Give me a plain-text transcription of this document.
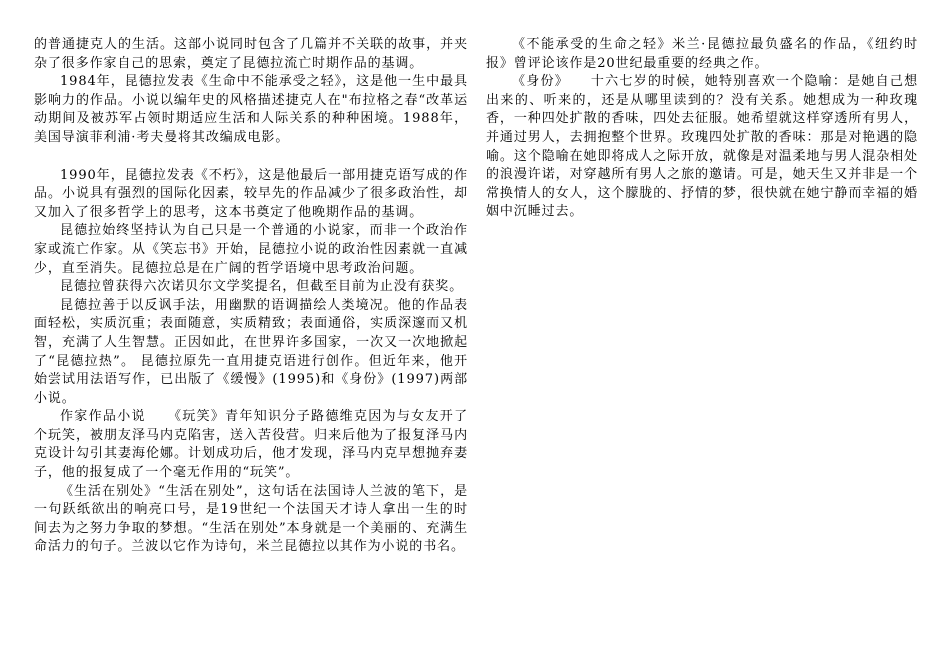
的普通捷克人的生活。这部小说同时包含了几篇并不关联的故事，并夹杂了很多作家自己的思索，奠定了昆德拉流亡时期作品的基调。

1984年，昆德拉发表《生命中不能承受之轻》，这是他一生中最具影响力的作品。小说以编年史的风格描述捷克人在"布拉格之春“改革运动期间及被苏军占领时期适应生活和人际关系的种种困境。1988年，美国导演菲利浦·考夫曼将其改编成电影。

1990年，昆德拉发表《不朽》，这是他最后一部用捷克语写成的作品。小说具有强烈的国际化因素，较早先的作品减少了很多政治性，却又加入了很多哲学上的思考，这本书奠定了他晚期作品的基调。

昆德拉始终坚持认为自己只是一个普通的小说家，而非一个政治作家或流亡作家。从《笑忘书》开始，昆德拉小说的政治性因素就一直减少，直至消失。昆德拉总是在广阔的哲学语境中思考政治问题。

昆德拉曾获得六次诺贝尔文学奖提名，但截至目前为止没有获奖。

昆德拉善于以反讽手法，用幽默的语调描绘人类境况。他的作品表面轻松，实质沉重；表面随意，实质精致；表面通俗，实质深邃而又机智，充满了人生智慧。正因如此，在世界许多国家，一次又一次地掀起了“昆德拉热”。 昆德拉原先一直用捷克语进行创作。但近年来，他开始尝试用法语写作，已出版了《缓慢》(1995)和《身份》(1997)两部小说。

作家作品小说　　《玩笑》青年知识分子路德维克因为与女友开了个玩笑，被朋友泽马内克陷害，送入苦役营。归来后他为了报复泽马内克设计勾引其妻海伦娜。计划成功后，他才发现，泽马内克早想抛弃妻子，他的报复成了一个毫无作用的“玩笑”。

《生活在别处》“生活在别处”，这句话在法国诗人兰波的笔下，是一句跃纸欲出的响亮口号，是19世纪一个法国天才诗人拿出一生的时间去为之努力争取的梦想。“生活在别处”本身就是一个美丽的、充满生命活力的句子。兰波以它作为诗句，米兰昆德拉以其作为小说的书名。

《不能承受的生命之轻》米兰·昆德拉最负盛名的作品，《纽约时报》曾评论该作是20世纪最重要的经典之作。

《身份》　　十六七岁的时候，她特别喜欢一个隐喻：是她自己想出来的、听来的，还是从哪里读到的？没有关系。她想成为一种玫瑰香，一种四处扩散的香味，四处去征服。她希望就这样穿透所有男人，并通过男人，去拥抱整个世界。玫瑰四处扩散的香味：那是对艳遇的隐喻。这个隐喻在她即将成人之际开放，就像是对温柔地与男人混杂相处的浪漫许诺，对穿越所有男人之旅的邀请。可是，她天生又并非是一个常换情人的女人，这个朦胧的、抒情的梦，很快就在她宁静而幸福的婚姻中沉睡过去。
